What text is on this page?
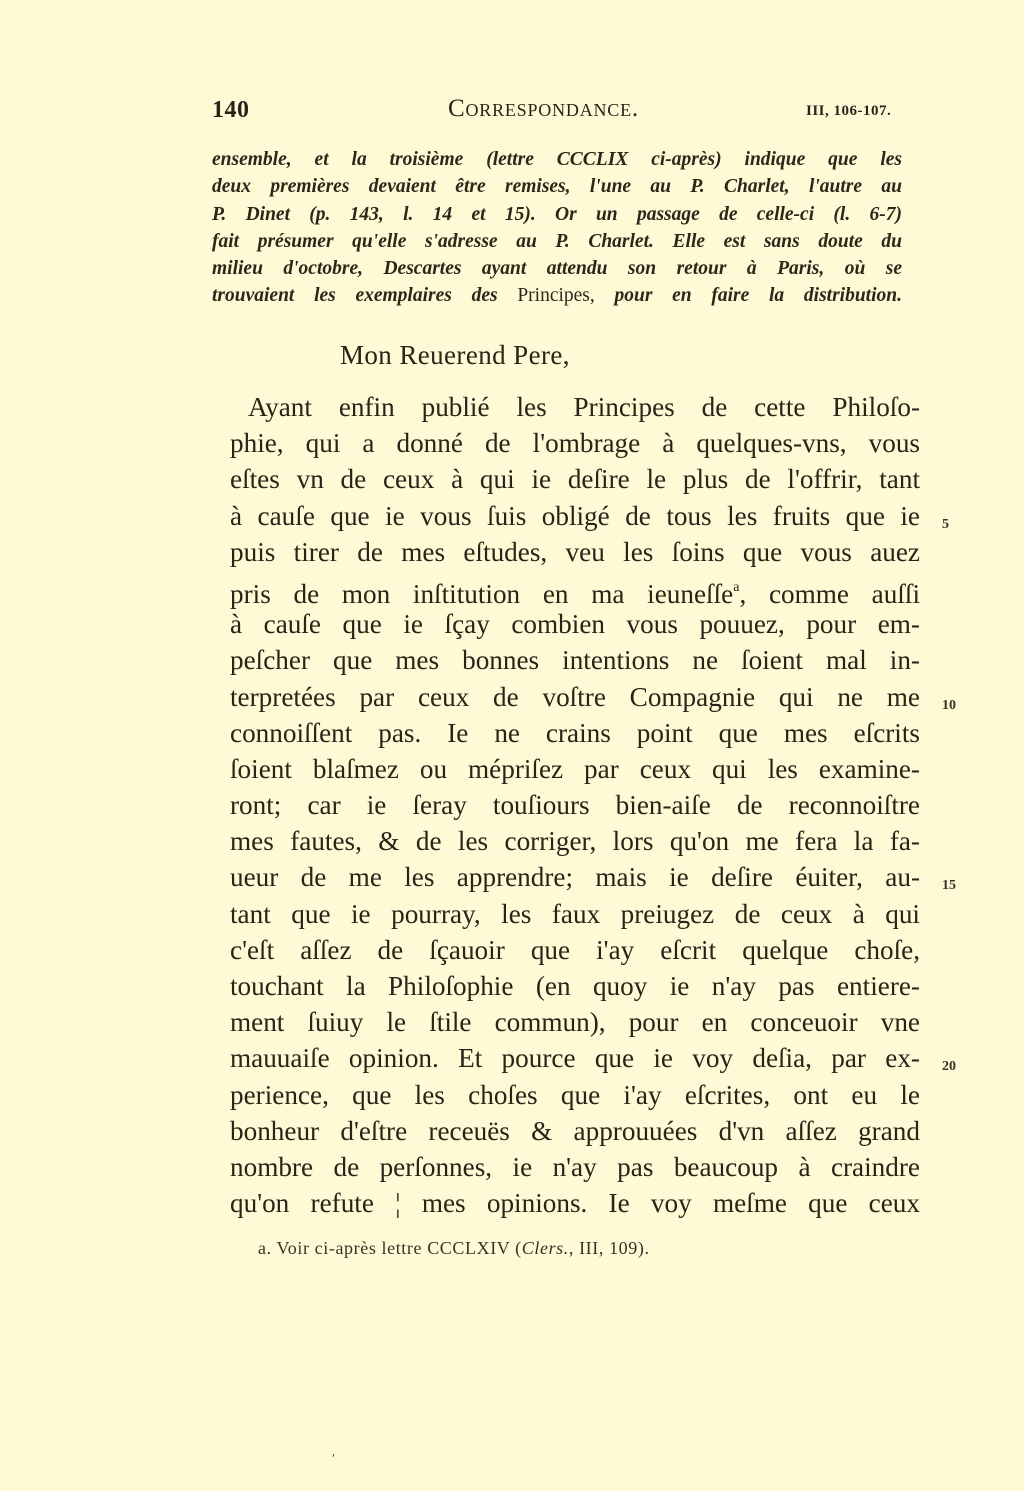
140	Correspondance.	III, 106-107.
ensemble, et la troisième (lettre CCCLIX ci-après) indique que les
deux premières devaient être remises, l'une au P. Charlet, l'autre au
P. Dinet (p. 143, l. 14 et 15). Or un passage de celle-ci (l. 6-7)
fait présumer qu'elle s'adresse au P. Charlet. Elle est sans doute du
milieu d'octobre, Descartes ayant attendu son retour à Paris, où se
trouvaient les exemplaires des Principes, pour en faire la distribution.
Mon Reuerend Pere,
Ayant enfin publié les Principes de cette Philoſo-
phie, qui a donné de l'ombrage à quelques-vns, vous
eſtes vn de ceux à qui ie deſire le plus de l'offrir, tant
à cauſe que ie vous ſuis obligé de tous les fruits que ie 5
puis tirer de mes eſtudes, veu les ſoins que vous auez
pris de mon inſtitution en ma ieuneſſe$^a$, comme auſſi
à cauſe que ie ſçay combien vous pouuez, pour em-
peſcher que mes bonnes intentions ne ſoient mal in-
terpretées par ceux de voſtre Compagnie qui ne me 10
connoiſſent pas. Ie ne crains point que mes eſcrits
ſoient blaſmez ou mépriſez par ceux qui les examine-
ront; car ie ſeray touſiours bien-aiſe de reconnoiſtre
mes fautes, & de les corriger, lors qu'on me fera la fa-
ueur de me les apprendre; mais ie deſire éuiter, au- 15
tant que ie pourray, les faux preiugez de ceux à qui
c'eſt aſſez de ſçauoir que i'ay eſcrit quelque choſe,
touchant la Philoſophie (en quoy ie n'ay pas entiere-
ment ſuiuy le ſtile commun), pour en conceuoir vne
mauuaiſe opinion. Et pource que ie voy deſia, par ex- 20
perience, que les choſes que i'ay eſcrites, ont eu le
bonheur d'eſtre receuës & approuuées d'vn aſſez grand
nombre de perſonnes, ie n'ay pas beaucoup à craindre
qu'on refute ¦ mes opinions. Ie voy meſme que ceux
a. Voir ci-après lettre CCCLXIV (Clers., III, 109).
ʼ
